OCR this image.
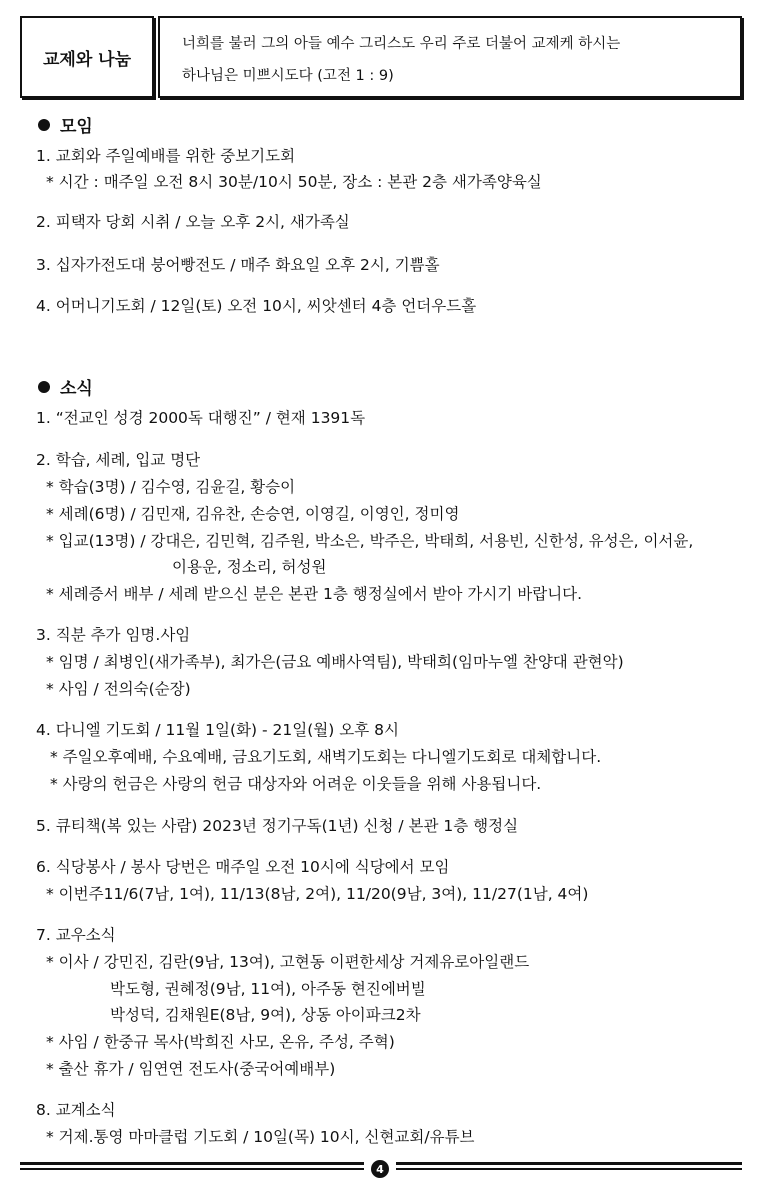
교제와 나눔
너희를 불러 그의 아들 예수 그리스도 우리 주로 더불어 교제케 하시는
하나님은 미쁘시도다 (고전 1 : 9)
모임
1. 교회와 주일예배를 위한 중보기도회
* 시간 : 매주일 오전 8시 30분/10시 50분, 장소 : 본관 2층 새가족양육실
2. 피택자 당회 시취 / 오늘 오후 2시, 새가족실
3. 십자가전도대 붕어빵전도 / 매주 화요일 오후 2시, 기쁨홀
4. 어머니기도회 / 12일(토) 오전 10시, 씨앗센터 4층 언더우드홀
소식
1. “전교인 성경 2000독 대행진” / 현재 1391독
2. 학습, 세례, 입교 명단
* 학습(3명) / 김수영, 김윤길, 황승이
* 세례(6명) / 김민재, 김유찬, 손승연, 이영길, 이영인, 정미영
* 입교(13명) / 강대은, 김민혁, 김주원, 박소은, 박주은, 박태희, 서용빈, 신한성, 유성은, 이서윤,
이용운, 정소리, 허성원
* 세례증서 배부 / 세례 받으신 분은 본관 1층 행정실에서 받아 가시기 바랍니다.
3. 직분 추가 임명.사임
* 임명 / 최병인(새가족부), 최가은(금요 예배사역팀), 박태희(임마누엘 찬양대 관현악)
* 사임 / 전의숙(순장)
4. 다니엘 기도회 / 11월 1일(화) - 21일(월) 오후 8시
* 주일오후예배, 수요예배, 금요기도회, 새벽기도회는 다니엘기도회로 대체합니다.
* 사랑의 헌금은 사랑의 헌금 대상자와 어려운 이웃들을 위해 사용됩니다.
5. 큐티책(복 있는 사람) 2023년 정기구독(1년) 신청 / 본관 1층 행정실
6. 식당봉사 / 봉사 당번은 매주일 오전 10시에 식당에서 모임
* 이번주11/6(7남, 1여), 11/13(8남, 2여), 11/20(9남, 3여), 11/27(1남, 4여)
7. 교우소식
* 이사 / 강민진, 김란(9남, 13여), 고현동 이편한세상 거제유로아일랜드
박도형, 권혜정(9남, 11여), 아주동 현진에버빌
박성덕, 김채원E(8남, 9여), 상동 아이파크2차
* 사임 / 한중규 목사(박희진 사모, 온유, 주성, 주혁)
* 출산 휴가 / 임연연 전도사(중국어예배부)
8. 교계소식
* 거제.통영 마마클럽 기도회 / 10일(목) 10시, 신현교회/유튜브
4
